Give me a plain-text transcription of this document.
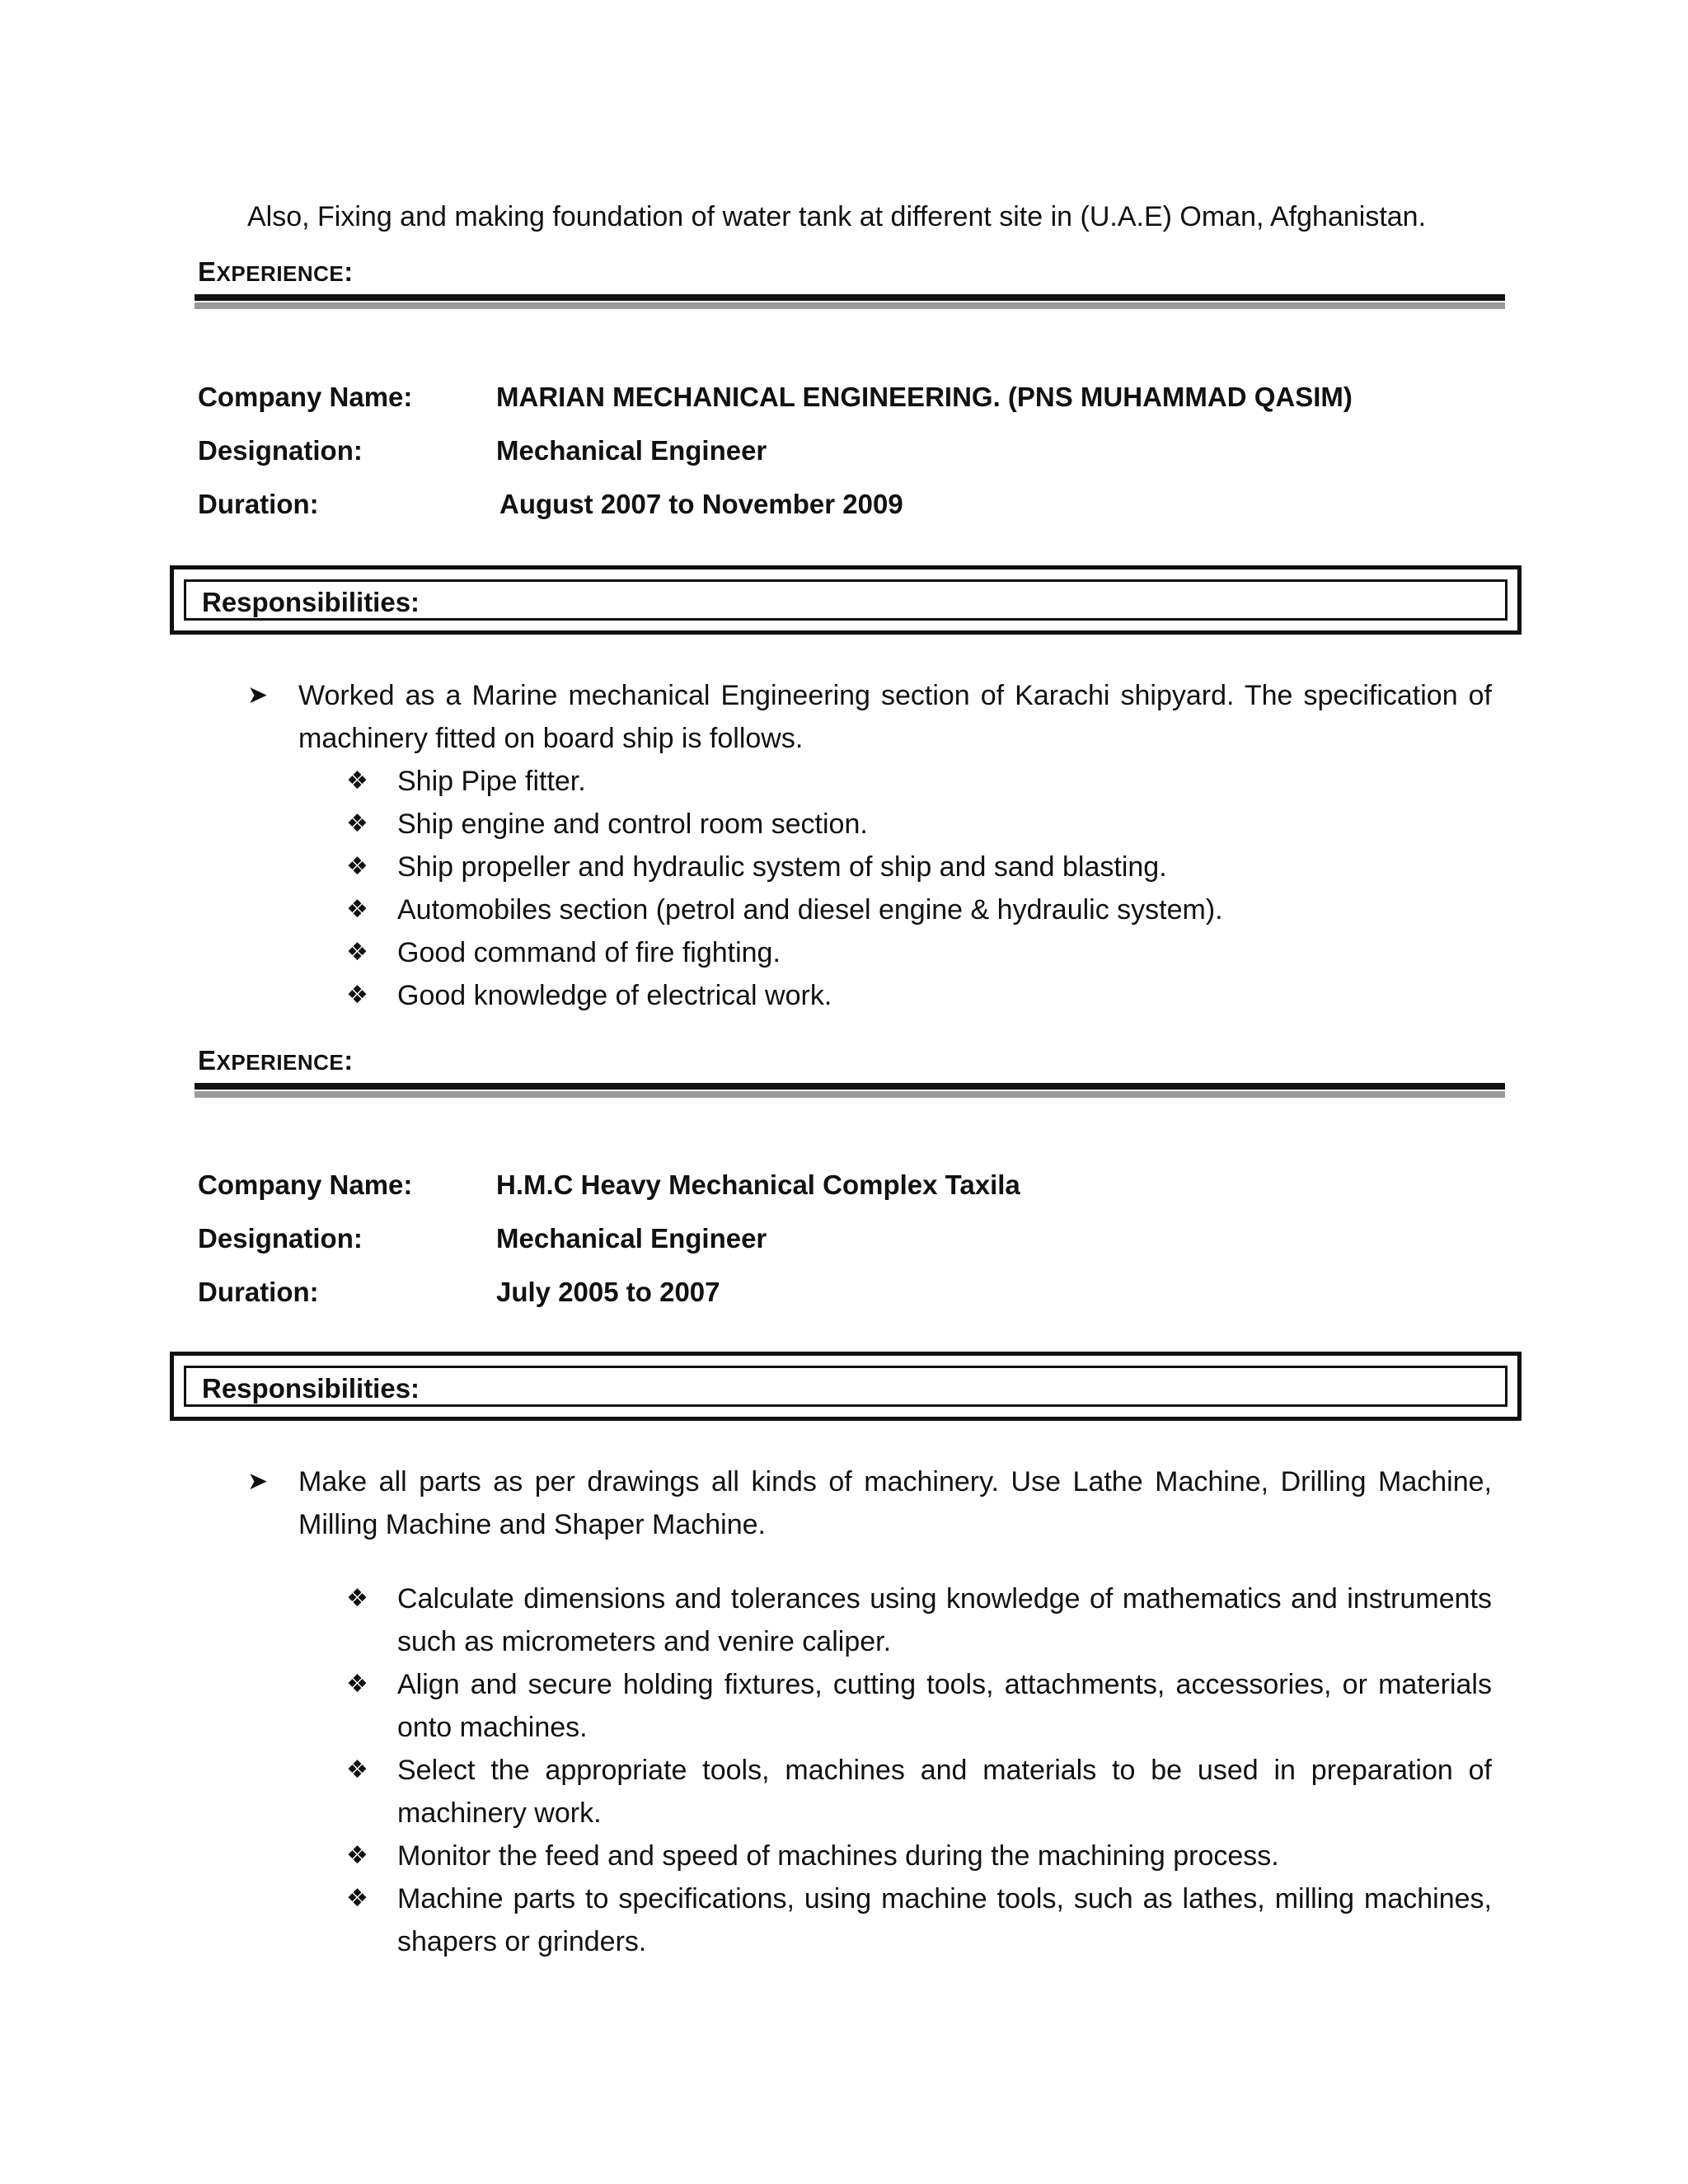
Also, Fixing and making foundation of water tank at different site in (U.A.E) Oman, Afghanistan.
EXPERIENCE:
Company Name:	MARIAN MECHANICAL ENGINEERING. (PNS MUHAMMAD QASIM)
Designation:	Mechanical Engineer
Duration:	August 2007 to November 2009
Responsibilities:
➤ Worked as a Marine mechanical Engineering section of Karachi shipyard. The specification of machinery fitted on board ship is follows.
❖ Ship Pipe fitter.
❖ Ship engine and control room section.
❖ Ship propeller and hydraulic system of ship and sand blasting.
❖ Automobiles section (petrol and diesel engine & hydraulic system).
❖ Good command of fire fighting.
❖ Good knowledge of electrical work.
EXPERIENCE:
Company Name:	H.M.C Heavy Mechanical Complex Taxila
Designation:	Mechanical Engineer
Duration:	July 2005 to 2007
Responsibilities:
➤ Make all parts as per drawings all kinds of machinery. Use Lathe Machine, Drilling Machine, Milling Machine and Shaper Machine.
❖ Calculate dimensions and tolerances using knowledge of mathematics and instruments such as micrometers and venire caliper.
❖ Align and secure holding fixtures, cutting tools, attachments, accessories, or materials onto machines.
❖ Select the appropriate tools, machines and materials to be used in preparation of machinery work.
❖ Monitor the feed and speed of machines during the machining process.
❖ Machine parts to specifications, using machine tools, such as lathes, milling machines, shapers or grinders.
